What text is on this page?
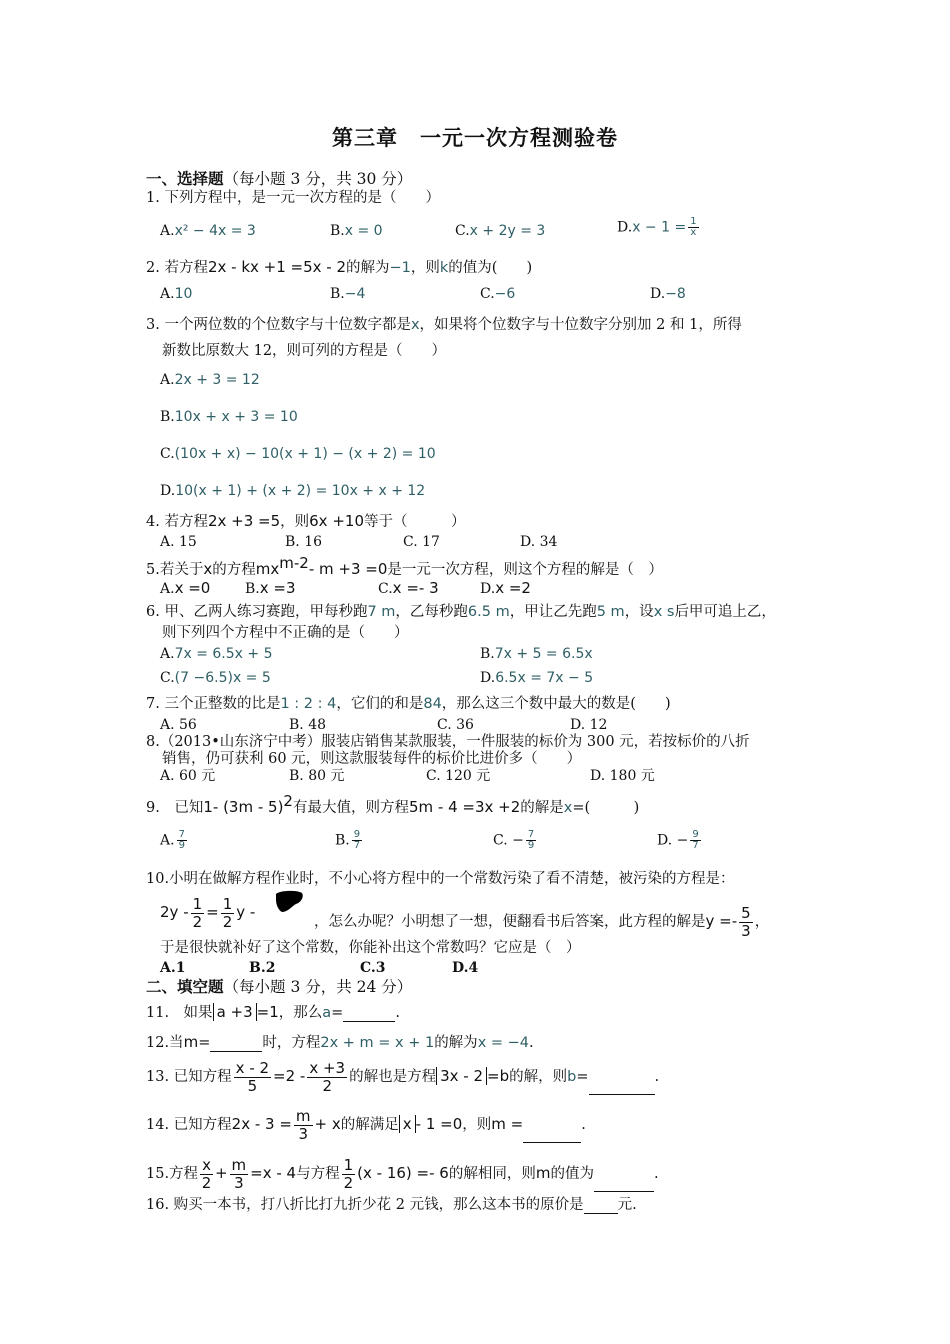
第三章　一元一次方程测验卷
一、选择题（每小题 3 分，共 30 分）
1. 下列方程中，是一元一次方程的是（　　）
A.x² − 4x = 3	B.x = 0	C.x + 2y = 3	$D.x - 1 = \frac{1}{x}$
2. 若方程2x - kx +1 =5x - 2的解为−1，则k的值为(　　)
A.10	B.−4	C.−6	D.−8
3. 一个两位数的个位数字与十位数字都是x，如果将个位数字与十位数字分别加 2 和 1，所得
新数比原数大 12，则可列的方程是（　　）
A.2x + 3 = 12
B.10x + x + 3 = 10
C.(10x + x) − 10(x + 1) − (x + 2) = 10
D.10(x + 1) + (x + 2) = 10x + x + 12
4. 若方程2x +3 =5，则6x +10等于（　　　）
A. 15	B. 16	C. 17	D. 34
5.若关于x的方程$mx^{m-2}-$ m +3 =0是一元一次方程，则这个方程的解是（　）
A.x =0 B.x =3	C.x =- 3	D.x =2
6. 甲、乙两人练习赛跑，甲每秒跑7 m，乙每秒跑6.5 m，甲让乙先跑5 m，设x s后甲可追上乙，
则下列四个方程中不正确的是（　　）
A.7x = 6.5x + 5	B.7x + 5 = 6.5x
C.(7 −6.5)x = 5	D.6.5x = 7x − 5
7. 三个正整数的比是1 : 2 : 4，它们的和是84，那么这三个数中最大的数是(　　)
A. 56	B. 48	C. 36	D. 12
8.（2013•山东济宁中考）服装店销售某款服装，一件服装的标价为 300 元，若按标价的八折
销售，仍可获利 60 元，则这款服装每件的标价比进价多（　　）
A. 60 元	B. 80 元	C. 120 元	D. 180 元
9.　已知1- (3m - 5)$^2$有最大值，则方程5m - 4 =3x +2的解是x=(　　　)
A. $\frac{7}{9}$	B. $\frac{9}{7}$	C. − $\frac{7}{9}$	D. − $\frac{9}{7}$
10.小明在做解方程作业时，不小心将方程中的一个常数污染了看不清楚，被污染的方程是：
$2y - \frac{1}{2} = \frac{1}{2}$ y -
，怎么办呢？小明想了一想，便翻看书后答案，此方程的解是$y =- \frac{5}{3}$ ，
于是很快就补好了这个常数，你能补出这个常数吗？它应是（　）
A.1	B.2	C.3	D.4
二、填空题（每小题 3 分，共 24 分）
11.　如果 a +3 =1，那么a=	.
12.当m=	时，方程2x + m = x + 1的解为x = −4.
13. 已知方程 $\frac{x - 2}{5} =2 - \frac{x +3}{2}$ 的解也是方程 3x - 2 =b的解，则b=	.
14. 已知方程$2x - 3 = \frac{m}{3} + x$的解满足 x - 1 =0，则m =	.
15.方程 $\frac{x}{2} + \frac{m}{3} =x - 4$与方程 $\frac{1}{2} (x - 16) =- 6$的解相同，则m的值为	.
16. 购买一本书，打八折比打九折少花 2 元钱，那么这本书的原价是 元.
